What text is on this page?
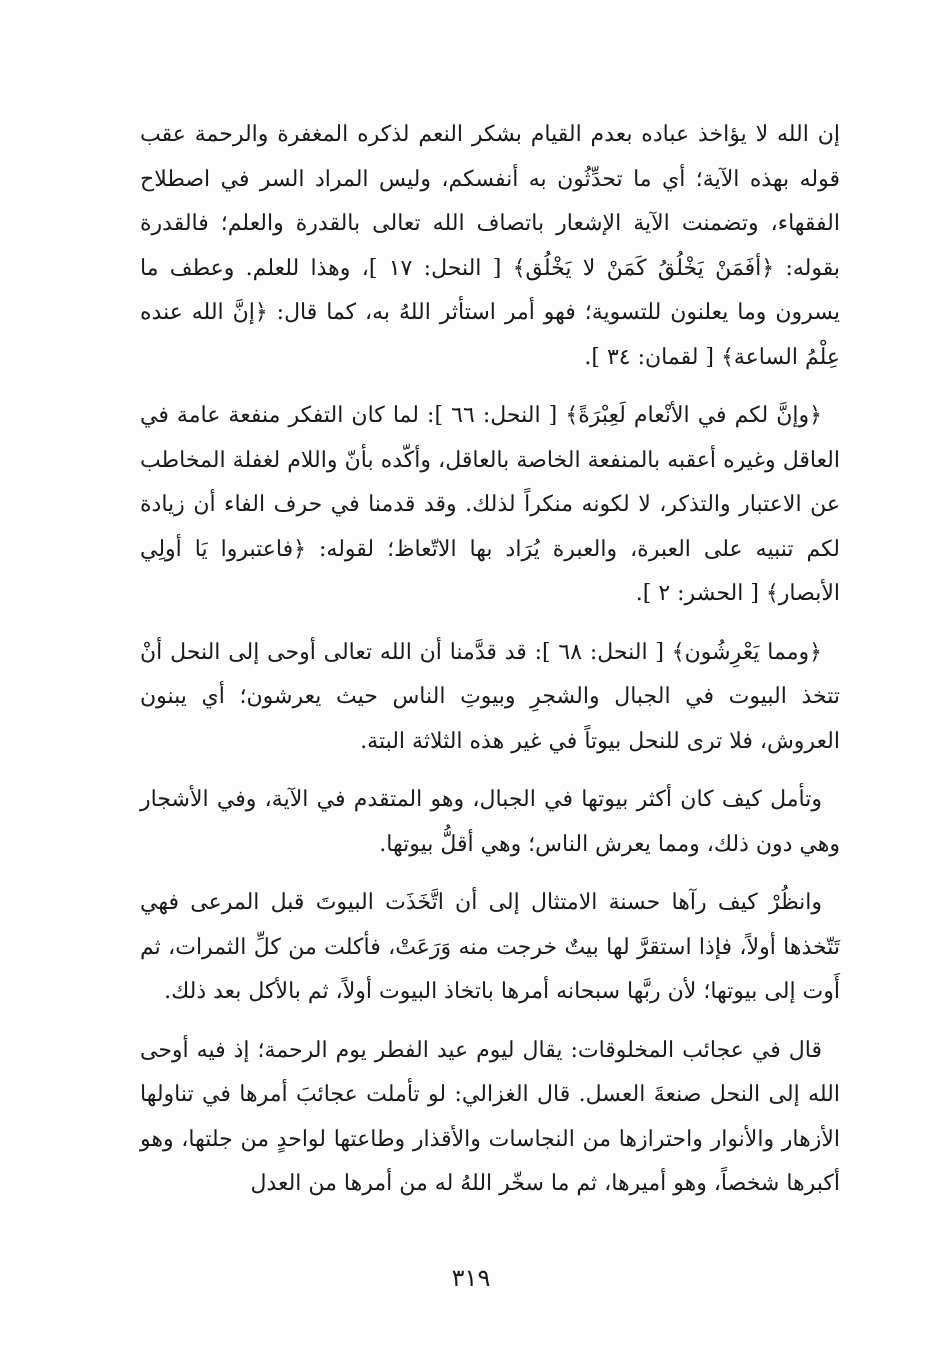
إن الله لا يؤاخذ عباده بعدم القيام بشكر النعم لذكره المغفرة والرحمة عقب قوله بهذه الآية؛ أي ما تحدِّثُون به أنفسكم، وليس المراد السر في اصطلاح الفقهاء، وتضمنت الآية الإشعار باتصاف الله تعالى بالقدرة والعلم؛ فالقدرة بقوله: ﴿أفَمَنْ يَخْلُقُ كَمَنْ لا يَخْلُق﴾ [ النحل: ١٧ ]، وهذا للعلم. وعطف ما يسرون وما يعلنون للتسوية؛ فهو أمر استأثر اللهُ به، كما قال: ﴿إنَّ الله عنده عِلْمُ الساعة﴾ [ لقمان: ٣٤ ].

﴿وإنَّ لكم في الأنْعام لَعِبْرَةً﴾ [ النحل: ٦٦ ]: لما كان التفكر منفعة عامة في العاقل وغيره أعقبه بالمنفعة الخاصة بالعاقل، وأكّده بأنّ واللام لغفلة المخاطب عن الاعتبار والتذكر، لا لكونه منكراً لذلك. وقد قدمنا في حرف الفاء أن زيادة لكم تنبيه على العبرة، والعبرة يُرَاد بها الاتّعاظ؛ لقوله: ﴿فاعتبروا يَا أولِي الأبصار﴾ [ الحشر: ٢ ].

﴿ومما يَعْرِشُون﴾ [ النحل: ٦٨ ]: قد قدَّمنا أن الله تعالى أوحى إلى النحل أنْ تتخذ البيوت في الجبال والشجرِ وبيوتِ الناس حيث يعرشون؛ أي يبنون العروش، فلا ترى للنحل بيوتاً في غير هذه الثلاثة البتة.

وتأمل كيف كان أكثر بيوتها في الجبال، وهو المتقدم في الآية، وفي الأشجار وهي دون ذلك، ومما يعرش الناس؛ وهي أقلُّ بيوتها.

وانظُرْ كيف رآها حسنة الامتثال إلى أن اتَّخَذَت البيوتَ قبل المرعى فهي تَتّخذها أولاً، فإذا استقرَّ لها بيتٌ خرجت منه وَرَعَتْ، فأكلت من كلِّ الثمرات، ثم أَوت إلى بيوتها؛ لأن ربَّها سبحانه أمرها باتخاذ البيوت أولاً، ثم بالأكل بعد ذلك.

قال في عجائب المخلوقات: يقال ليوم عيد الفطر يوم الرحمة؛ إذ فيه أوحى الله إلى النحل صنعةَ العسل. قال الغزالي: لو تأملت عجائبَ أمرها في تناولها الأزهار والأنوار واحترازها من النجاسات والأقذار وطاعتها لواحدٍ من جلتها، وهو أكبرها شخصاً، وهو أميرها، ثم ما سخّر اللهُ له من أمرها من العدل

٣١٩
